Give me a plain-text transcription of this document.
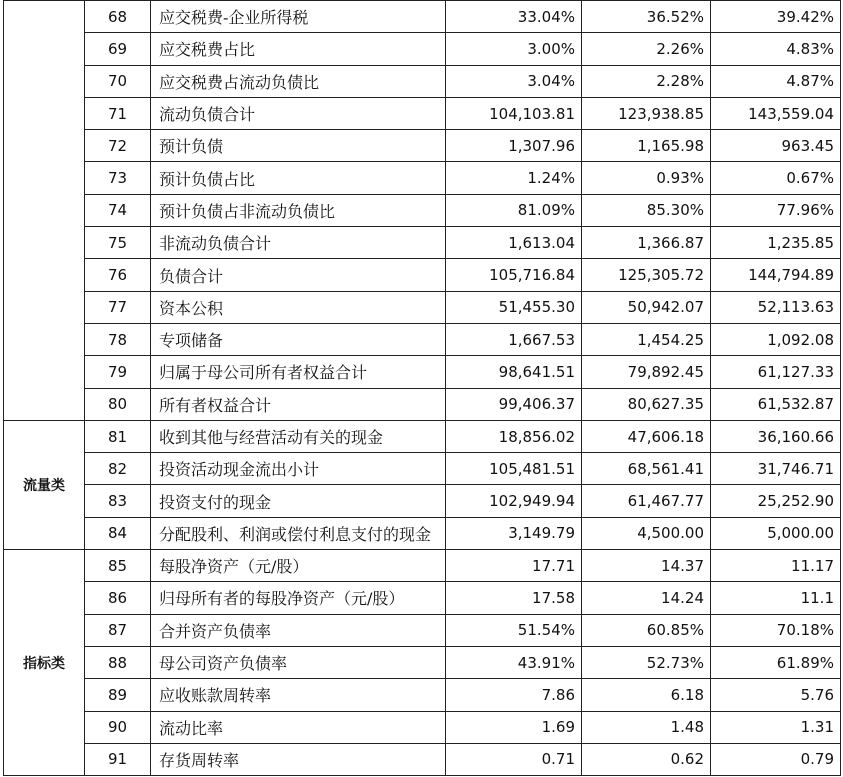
	68	应交税费-企业所得税	33.04%	36.52%	39.42%
	69	应交税费占比	3.00%	2.26%	4.83%
	70	应交税费占流动负债比	3.04%	2.28%	4.87%
	71	流动负债合计	104,103.81	123,938.85	143,559.04
	72	预计负债	1,307.96	1,165.98	963.45
	73	预计负债占比	1.24%	0.93%	0.67%
	74	预计负债占非流动负债比	81.09%	85.30%	77.96%
	75	非流动负债合计	1,613.04	1,366.87	1,235.85
	76	负债合计	105,716.84	125,305.72	144,794.89
	77	资本公积	51,455.30	50,942.07	52,113.63
	78	专项储备	1,667.53	1,454.25	1,092.08
	79	归属于母公司所有者权益合计	98,641.51	79,892.45	61,127.33
	80	所有者权益合计	99,406.37	80,627.35	61,532.87
流量类	81	收到其他与经营活动有关的现金	18,856.02	47,606.18	36,160.66
	82	投资活动现金流出小计	105,481.51	68,561.41	31,746.71
	83	投资支付的现金	102,949.94	61,467.77	25,252.90
	84	分配股利、利润或偿付利息支付的现金	3,149.79	4,500.00	5,000.00
指标类	85	每股净资产（元/股）	17.71	14.37	11.17
	86	归母所有者的每股净资产（元/股）	17.58	14.24	11.1
	87	合并资产负债率	51.54%	60.85%	70.18%
	88	母公司资产负债率	43.91%	52.73%	61.89%
	89	应收账款周转率	7.86	6.18	5.76
	90	流动比率	1.69	1.48	1.31
	91	存货周转率	0.71	0.62	0.79
